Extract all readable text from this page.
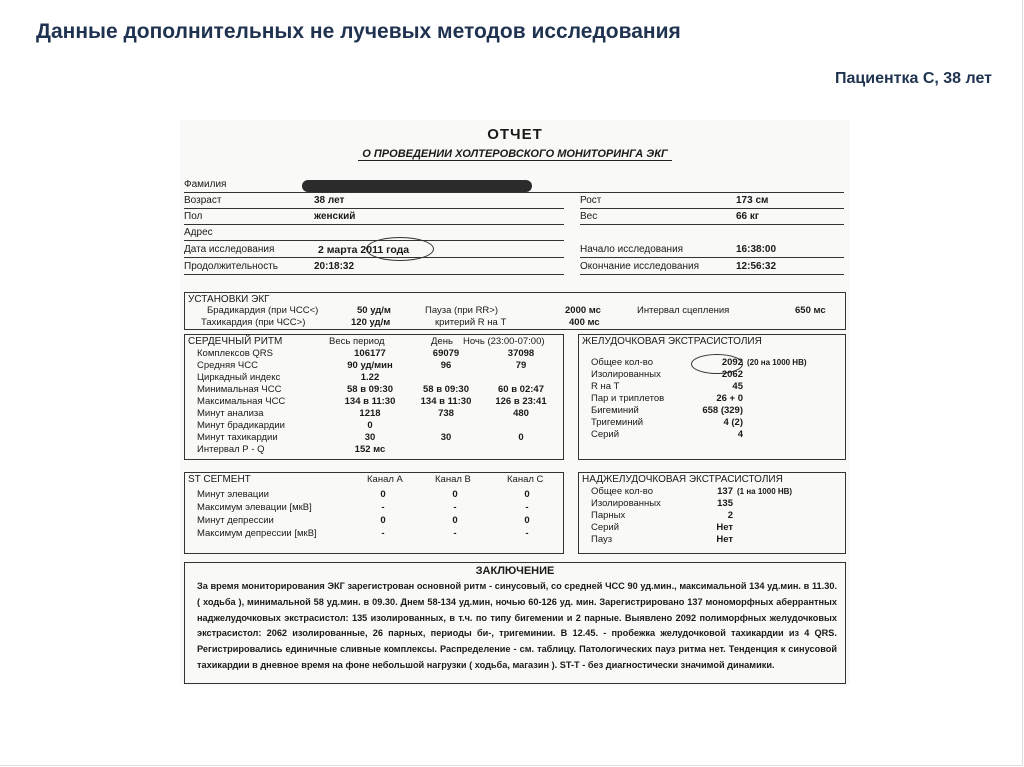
Данные дополнительных не лучевых методов исследования
Пациентка С, 38 лет
ОТЧЕТ
О ПРОВЕДЕНИИ ХОЛТЕРОВСКОГО МОНИТОРИНГА ЭКГ
Фамилия
Возраст	38 лет
Пол	женский
Адрес
Дата исследования	2 марта 2011 года
Продолжительность	20:18:32
Рост	173 см
Вес	66 кг
Начало исследования	16:38:00
Окончание исследования	12:56:32
УСТАНОВКИ ЭКГ
Брадикардия (при ЧСС<)	50 уд/м
Тахикардия (при ЧСС>)	120 уд/м
Пауза (при RR>)	2000 мс
критерий R на T	400 мс
Интервал сцепления	650 мс
СЕРДЕЧНЫЙ РИТМ	Весь период	День Ночь (23:00-07:00)
Комплексов QRS	106177	69079	37098
Средняя ЧСС	90 уд/мин	96	79
Циркадный индекс	1.22
Минимальная ЧСС	58 в 09:30	58 в 09:30	60 в 02:47
Максимальная ЧСС	134 в 11:30	134 в 11:30	126 в 23:41
Минут анализа	1218	738	480
Минут брадикардии	0
Минут тахикардии	30	30	0
Интервал Р - Q	152 мс
ЖЕЛУДОЧКОВАЯ ЭКСТРАСИСТОЛИЯ
Общее кол-во	2092 (20 на 1000 НВ)
Изолированных	2062
R на T	45
Пар и триплетов	26 + 0
Бигеминий	658 (329)
Тригеминий	4 (2)
Серий	4
ST СЕГМЕНТ	Канал А	Канал В	Канал С
Минут элевации	0	0	0
Максимум элевации [мкВ]	-	-	-
Минут депрессии	0	0	0
Максимум депрессии [мкВ]	-	-	-
НАДЖЕЛУДОЧКОВАЯ ЭКСТРАСИСТОЛИЯ
Общее кол-во	137 (1 на 1000 НВ)
Изолированных	135
Парных	2
Серий	Нет
Пауз	Нет
ЗАКЛЮЧЕНИЕ
За время мониторирования ЭКГ зарегистрован основной ритм - синусовый, со средней ЧСС 90 уд.мин., максимальной 134 уд.мин. в 11.30. ( ходьба ), минимальной 58 уд.мин. в 09.30. Днем 58-134 уд.мин, ночью 60-126 уд. мин. Зарегистрировано 137 мономорфных аберрантных наджелудочковых экстрасистол: 135 изолированных, в т.ч. по типу бигемении и 2 парные. Выявлено 2092 полиморфных желудочковых экстрасистол: 2062 изолированные, 26 парных, периоды би-, тригеминии. В 12.45. - пробежка желудочковой тахикардии из 4 QRS. Регистрировались единичные сливные комплексы. Распределение - см. таблицу. Патологических пауз ритма нет. Тенденция к синусовой тахикардии в дневное время на фоне небольшой нагрузки ( ходьба, магазин ). ST-T - без диагностически значимой динамики.
